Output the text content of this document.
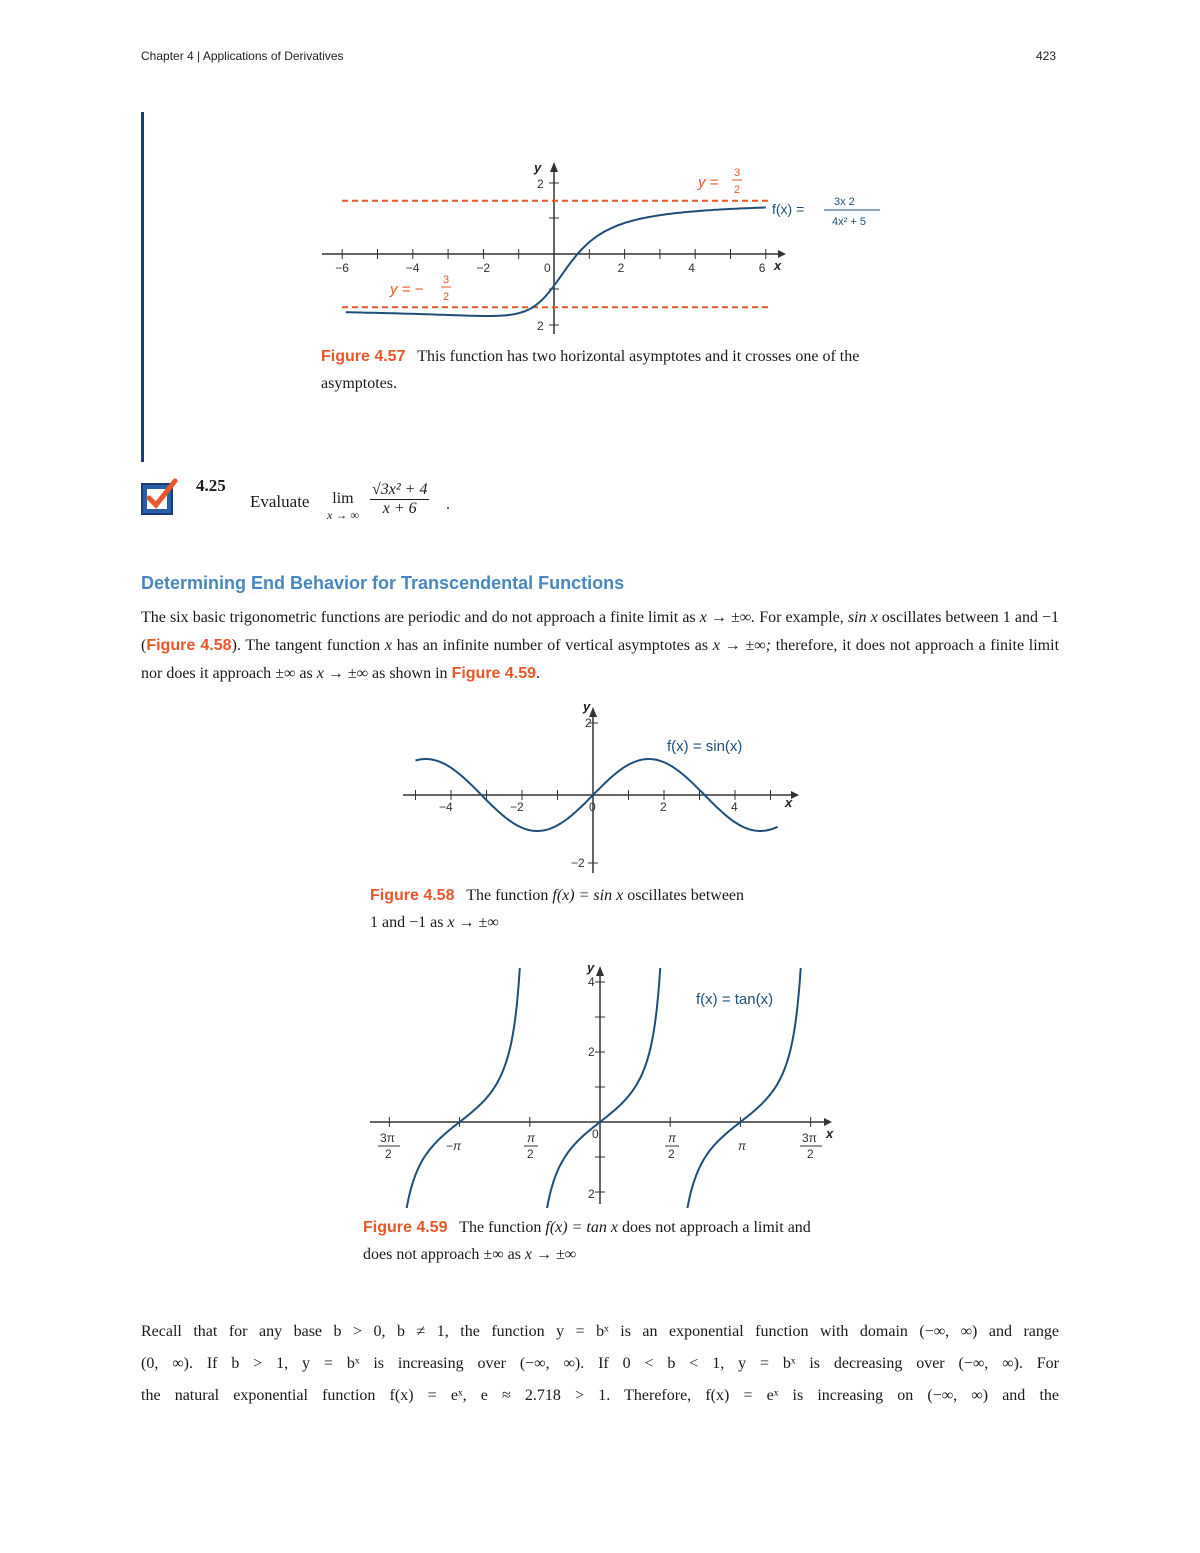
Chapter 4 | Applications of Derivatives	423
y
x
−6	−4	−2	0	2	4	6
2
2
y =
3
2
y = −
3
2
f(x) =	3x 2
4x² + 5
Figure 4.57 This function has two horizontal asymptotes and it crosses one of the asymptotes.
4.25
Evaluate	lim
x → ∞ $\frac{\text{√3x² + 4}}{x + 6}$ .
Determining End Behavior for Transcendental Functions
The six basic trigonometric functions are periodic and do not approach a finite limit as x → ±∞. For example, sin x oscillates between 1 and −1 (Figure 4.58). The tangent function x has an infinite number of vertical asymptotes as x → ±∞; therefore, it does not approach a finite limit nor does it approach ±∞ as x → ±∞ as shown in Figure 4.59.
y
x
−4	−2	0	2	4
2
−2
f(x) = sin(x)
Figure 4.58 The function f(x) = sin x oscillates between
1 and −1 as x → ±∞
y
x
4
2
2
0
3π
2
−π
π
2
π
2
π
3π
2
f(x) = tan(x)
Figure 4.59 The function f(x) = tan x does not approach a limit and does not approach ±∞ as x → ±∞
Recall that for any base b > 0, b ≠ 1, the function y = bˣ is an exponential function with domain (−∞, ∞) and range
(0, ∞). If b > 1, y = bˣ is increasing over (−∞, ∞). If 0 < b < 1, y = bˣ is decreasing over (−∞, ∞). For
the natural exponential function f(x) = eˣ, e ≈ 2.718 > 1. Therefore, f(x) = eˣ is increasing on (−∞, ∞) and the
